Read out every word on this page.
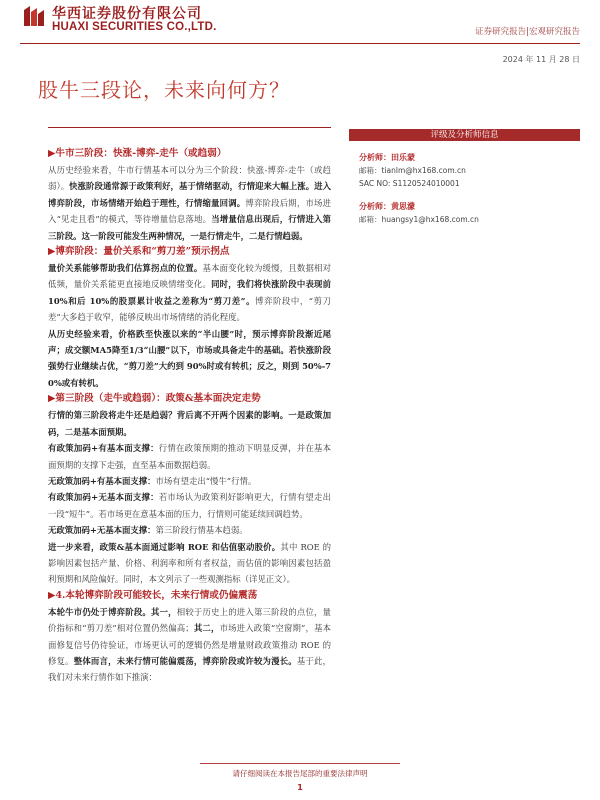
华西证券股份有限公司
HUAXI SECURITIES CO.,LTD.	证券研究报告|宏观研究报告
2024 年 11 月 28 日
股牛三段论，未来向何方？
▶牛市三阶段：快涨-博弈-走牛（或趋弱）

从历史经验来看，牛市行情基本可以分为三个阶段：快涨-博弈-走牛（或趋弱）。快涨阶段通常源于政策利好，基于情绪驱动，行情迎来大幅上涨。进入博弈阶段，市场情绪开始趋于理性，行情缩量回调。博弈阶段后期，市场进入“见走且看”的模式，等待增量信息落地。当增量信息出现后，行情进入第三阶段。这一阶段可能发生两种情况，一是行情走牛，二是行情趋弱。

▶博弈阶段：量价关系和“剪刀差”预示拐点

量价关系能够帮助我们估算拐点的位置。基本面变化较为缓慢，且数据相对低频，量价关系能更直接地反映情绪变化。同时，我们将快涨阶段中表现前 10%和后 10%的股票累计收益之差称为“剪刀差”。博弈阶段中，“剪刀差”大多趋于收窄，能够反映出市场情绪的消化程度。

从历史经验来看，价格跌至快涨以来的“半山腰”时，预示博弈阶段渐近尾声；成交额MA5降至1/3“山腰”以下，市场或具备走牛的基础。若快涨阶段强势行业继续占优，“剪刀差”大约到 90%时或有转机；反之，则到 50%-70%或有转机。

▶第三阶段（走牛或趋弱）：政策&基本面决定走势

行情的第三阶段将走牛还是趋弱？背后离不开两个因素的影响。一是政策加码，二是基本面预期。

有政策加码+有基本面支撑：行情在政策预期的推动下明显反弹，并在基本面预期的支撑下走强，直至基本面数据趋弱。

无政策加码+有基本面支撑：市场有望走出“慢牛”行情。

有政策加码+无基本面支撑：若市场认为政策利好影响更大，行情有望走出一段“短牛”。若市场更在意基本面的压力，行情则可能延续回调趋势。

无政策加码+无基本面支撑：第三阶段行情基本趋弱。

进一步来看，政策&基本面通过影响 ROE 和估值驱动股价。其中 ROE 的影响因素包括产量、价格、利润率和所有者权益，而估值的影响因素包括盈利预期和风险偏好。同时，本文列示了一些观测指标（详见正文）。

▶4.本轮博弈阶段可能较长，未来行情或仍偏震荡

本轮牛市仍处于博弈阶段。其一，相较于历史上的进入第三阶段的点位，量价指标和“剪刀差”相对位置仍然偏高；其二，市场进入政策“空窗期”，基本面修复信号仍待验证，市场更认可的逻辑仍然是增量财政政策推动 ROE 的修复。整体而言，未来行情可能偏震荡，博弈阶段或许较为漫长。基于此，我们对未来行情作如下推演：

评级及分析师信息
分析师：田乐蒙
邮箱：tianlm@hx168.com.cn
SAC NO: S1120524010001
分析师：黄思濛
邮箱：huangsy1@hx168.com.cn
请仔细阅读在本报告尾部的重要法律声明
1
